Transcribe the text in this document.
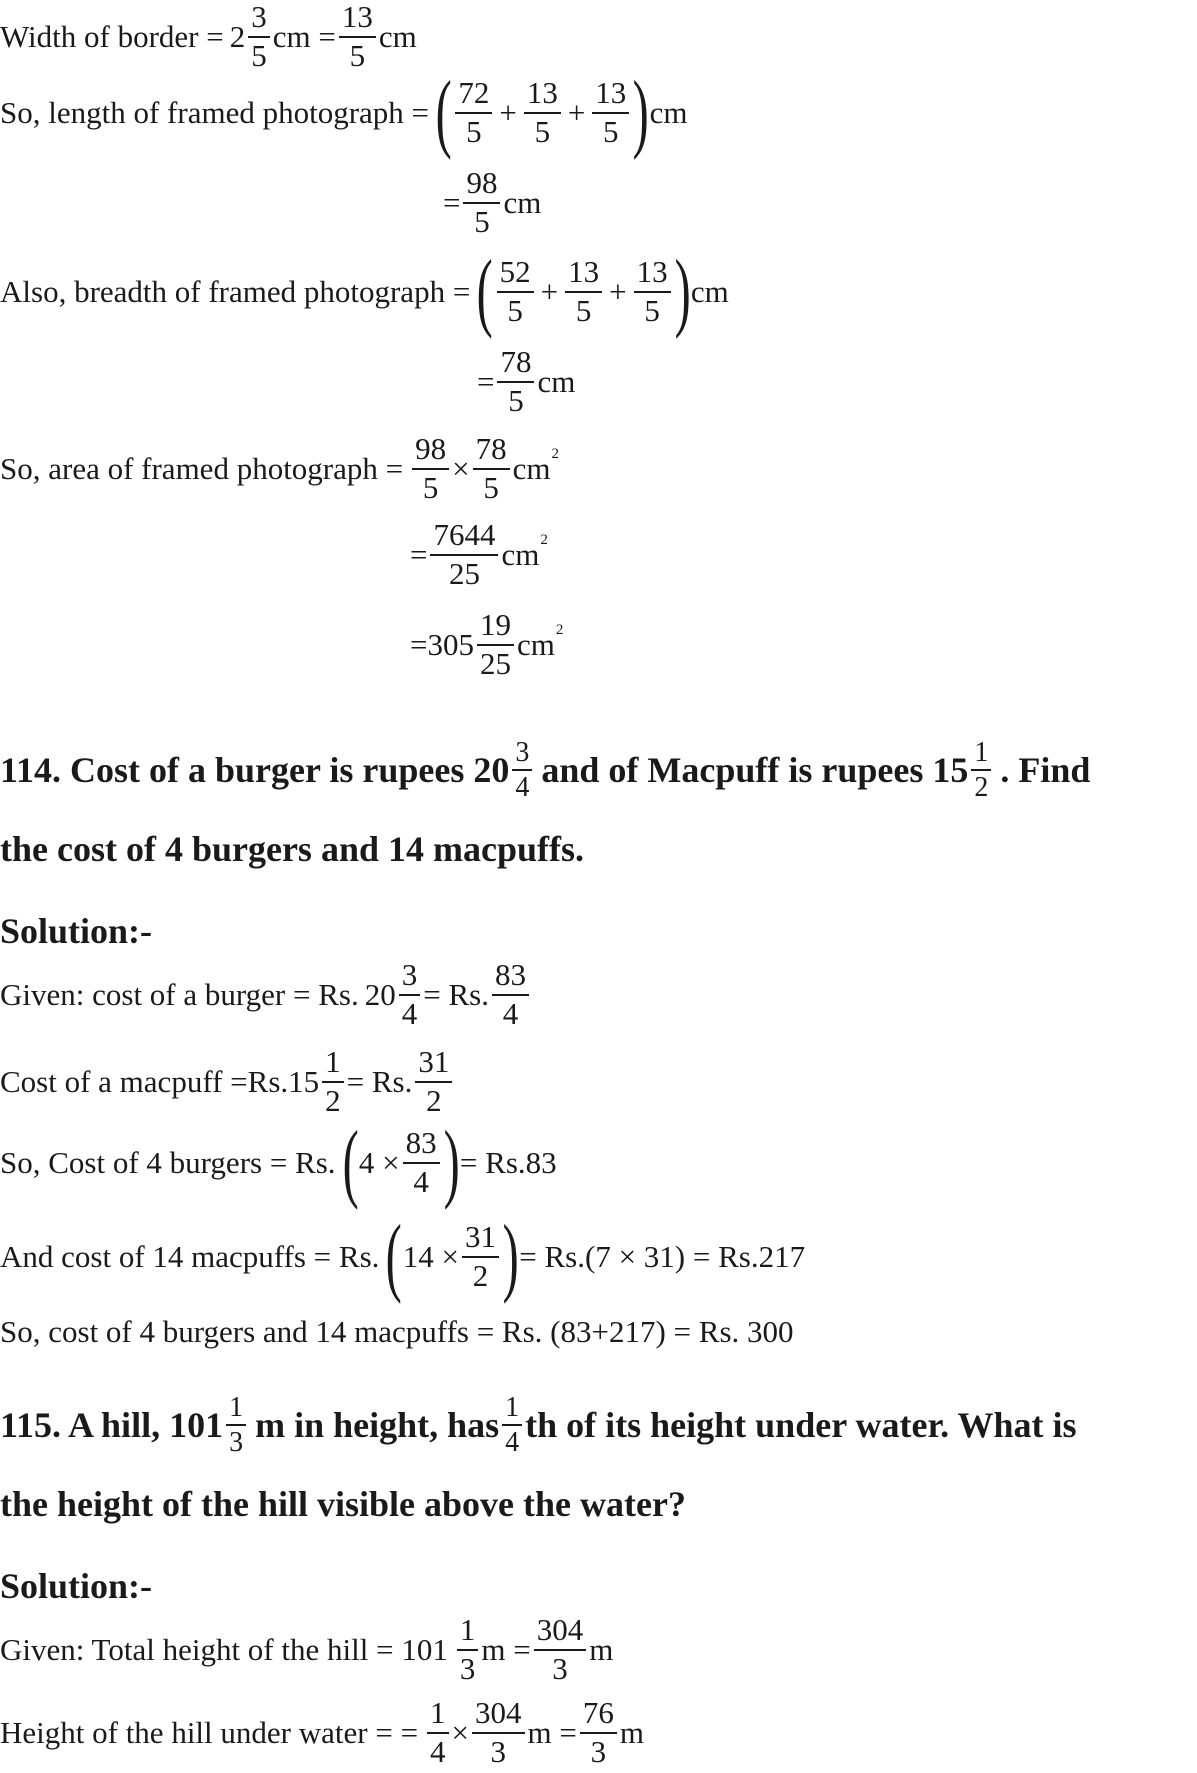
Width of border = $2 \frac{3}{5}$ cm = $\frac{13}{5}$ cm
So, length of framed photograph = ( $\frac{72}{5} + \frac{13}{5} + \frac{13}{5}$ ) cm
= $\frac{98}{5}$ cm
Also, breadth of framed photograph = ( $\frac{52}{5} + \frac{13}{5} + \frac{13}{5}$ ) cm
= $\frac{78}{5}$ cm
So, area of framed photograph = $\frac{98}{5} \times \frac{78}{5}$ cm 2
= $\frac{7644}{25}$ cm 2
= $305 \frac{19}{25}$ cm 2
114. Cost of a burger is rupees $20 \frac{3}{4}$ and of Macpuff is rupees $15 \frac{1}{2}$ . Find
the cost of 4 burgers and 14 macpuffs.
Solution:-
Given: cost of a burger = Rs. $20 \frac{3}{4} = Rs$. $\frac{83}{4}$
Cost of a macpuff =Rs. $15 \frac{1}{2} = Rs$. $\frac{31}{2}$
So, Cost of 4 burgers = Rs. ( $4 \times \frac{83}{4}$ ) = Rs.83
And cost of 14 macpuffs = Rs. ( $14 \times \frac{31}{2}$ ) = Rs.(7 × 31) = Rs.217
So, cost of 4 burgers and 14 macpuffs = Rs. (83+217) = Rs. 300
115. A hill, $101 \frac{1}{3}$ m in height, has $\frac{1}{4}$ th of its height under water. What is
the height of the hill visible above the water?
Solution:-
Given: Total height of the hill = $101 \frac{1}{3}$ $m = \frac{304}{3}$ m
Height of the hill under water = = $\frac{1}{4} \times \frac{304}{3}$ $m = \frac{76}{3}$ m
